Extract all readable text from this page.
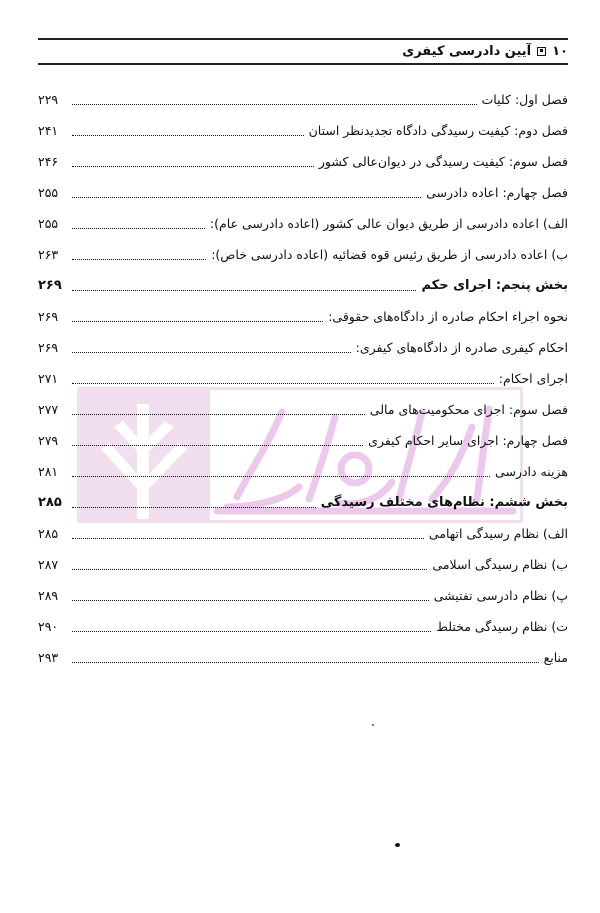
۱۰
آیین دادرسی کیفری
فصل اول: کلیات
۲۲۹
فصل دوم: کیفیت رسیدگی دادگاه تجدیدنظر استان
۲۴۱
فصل سوم: کیفیت رسیدگی در دیوان‌عالی کشور
۲۴۶
فصل چهارم: اعاده دادرسی
۲۵۵
الف) اعاده دادرسی از طریق دیوان عالی کشور (اعاده دادرسی عام):
۲۵۵
ب) اعاده دادرسی از طریق رئیس قوه قضائیه (اعاده دادرسی خاص):
۲۶۳
بخش پنجم: اجرای حکم
۲۶۹
نحوه اجراء احکام صادره از دادگاه‌های حقوقی:
۲۶۹
احکام کیفری صادره از دادگاه‌های کیفری:
۲۶۹
اجرای احکام:
۲۷۱
فصل سوم: اجرای محکومیت‌های مالی
۲۷۷
فصل چهارم: اجرای سایر احکام کیفری
۲۷۹
هزینه دادرسی
۲۸۱
بخش ششم: نظام‌های مختلف رسیدگی
۲۸۵
الف) نظام رسیدگی اتهامی
۲۸۵
ب) نظام رسیدگی اسلامی
۲۸۷
پ) نظام دادرسی تفتیشی
۲۸۹
ت) نظام رسیدگی مختلط
۲۹۰
منابع
۲۹۳
